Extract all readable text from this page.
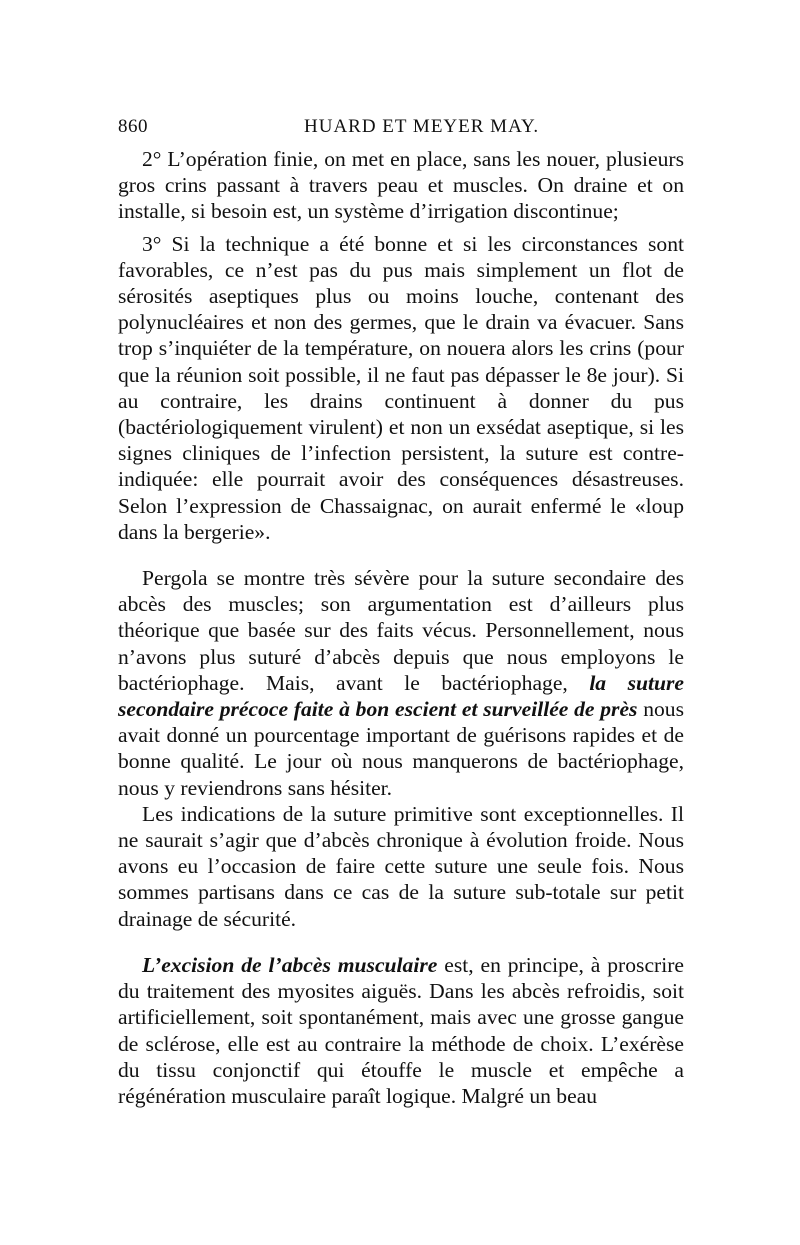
860	HUARD ET MEYER MAY.

2° L’opération finie, on met en place, sans les nouer, plusieurs gros crins passant à travers peau et muscles. On draine et on installe, si besoin est, un système d’irrigation discontinue;

3° Si la technique a été bonne et si les circonstances sont favorables, ce n’est pas du pus mais simplement un flot de sérosités aseptiques plus ou moins louche, contenant des polynucléaires et non des germes, que le drain va évacuer. Sans trop s’inquiéter de la température, on nouera alors les crins (pour que la réunion soit possible, il ne faut pas dépasser le 8e jour). Si au contraire, les drains continuent à donner du pus (bactériologiquement virulent) et non un exsédat aseptique, si les signes cliniques de l’infection persistent, la suture est contre-indiquée: elle pourrait avoir des conséquences désastreuses. Selon l’expression de Chassaignac, on aurait enfermé le «loup dans la bergerie».

Pergola se montre très sévère pour la suture secondaire des abcès des muscles; son argumentation est d’ailleurs plus théorique que basée sur des faits vécus. Personnellement, nous n’avons plus suturé d’abcès depuis que nous employons le bactériophage. Mais, avant le bactériophage, la suture secondaire précoce faite à bon escient et surveillée de près nous avait donné un pourcentage important de guérisons rapides et de bonne qualité. Le jour où nous manquerons de bactériophage, nous y reviendrons sans hésiter.

Les indications de la suture primitive sont exceptionnelles. Il ne saurait s’agir que d’abcès chronique à évolution froide. Nous avons eu l’occasion de faire cette suture une seule fois. Nous sommes partisans dans ce cas de la suture sub-totale sur petit drainage de sécurité.

L’excision de l’abcès musculaire est, en principe, à proscrire du traitement des myosites aiguës. Dans les abcès refroidis, soit artificiellement, soit spontanément, mais avec une grosse gangue de sclérose, elle est au contraire la méthode de choix. L’exérèse du tissu conjonctif qui étouffe le muscle et empêche a régénération musculaire paraît logique. Malgré un beau
